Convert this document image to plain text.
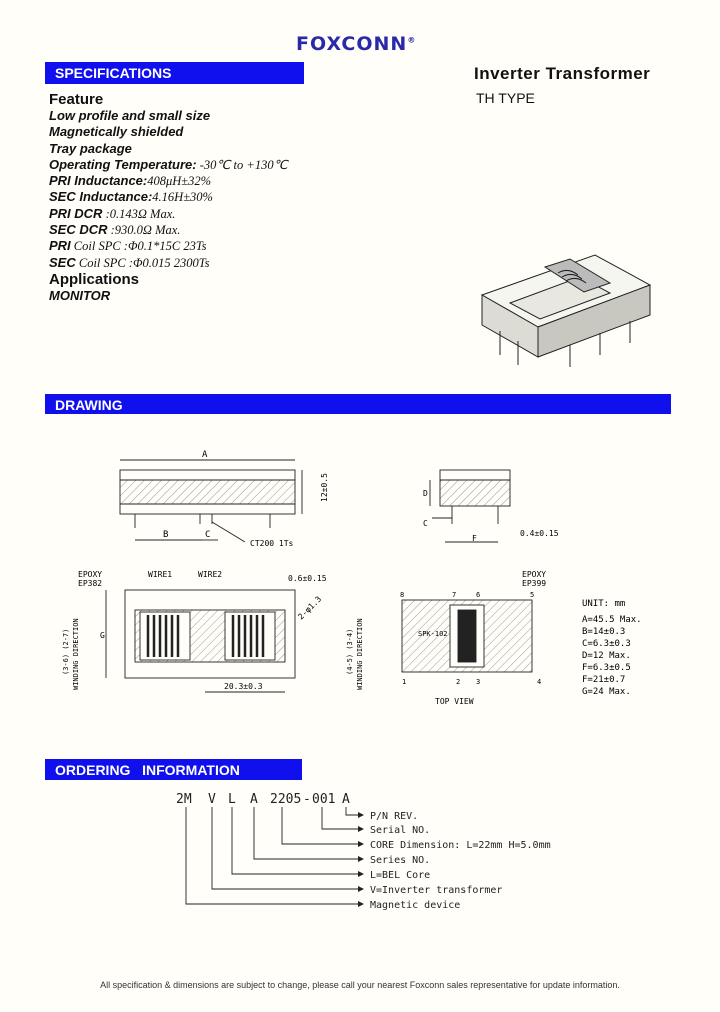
FOXCONN®
SPECIFICATIONS	Inverter Transformer
TH TYPE
Feature
Low profile and small size
Magnetically shielded
Tray package
Operating Temperature: -30℃ to +130℃
PRI Inductance:408μH±32%
SEC Inductance:4.16H±30%
PRI DCR :0.143Ω Max.
SEC DCR :930.0Ω Max.
PRI Coil SPC :Φ0.1*15C 23Ts
SEC Coil SPC :Φ0.015 2300Ts
Applications
MONITOR
DRAWING
A
B	C
12±0.5
CT200 1Ts
D
C
F
0.4±0.15
EPOXY
EP382
WIRE1	WIRE2	0.6±0.15
2-φ1.3
20.3±0.3
G
(3-6) (2-7) WINDING DIRECTION	(4-5) (3-4) WINDING DIRECTION
EPOXY
EP399
SPK-102
TOP VIEW
8	7	6	5
1	2 3	4
UNIT: mm
A=45.5 Max.
B=14±0.3
C=6.3±0.3
D=12 Max.
F=6.3±0.5
F=21±0.7
G=24 Max.
ORDERING   INFORMATION
2M V L A 2205 - 001 A
P/N REV.
Serial NO.
CORE Dimension: L=22mm H=5.0mm
Series NO.
L=BEL Core
V=Inverter transformer
Magnetic device
All specification & dimensions are subject to change, please call your nearest Foxconn sales representative for update information.
